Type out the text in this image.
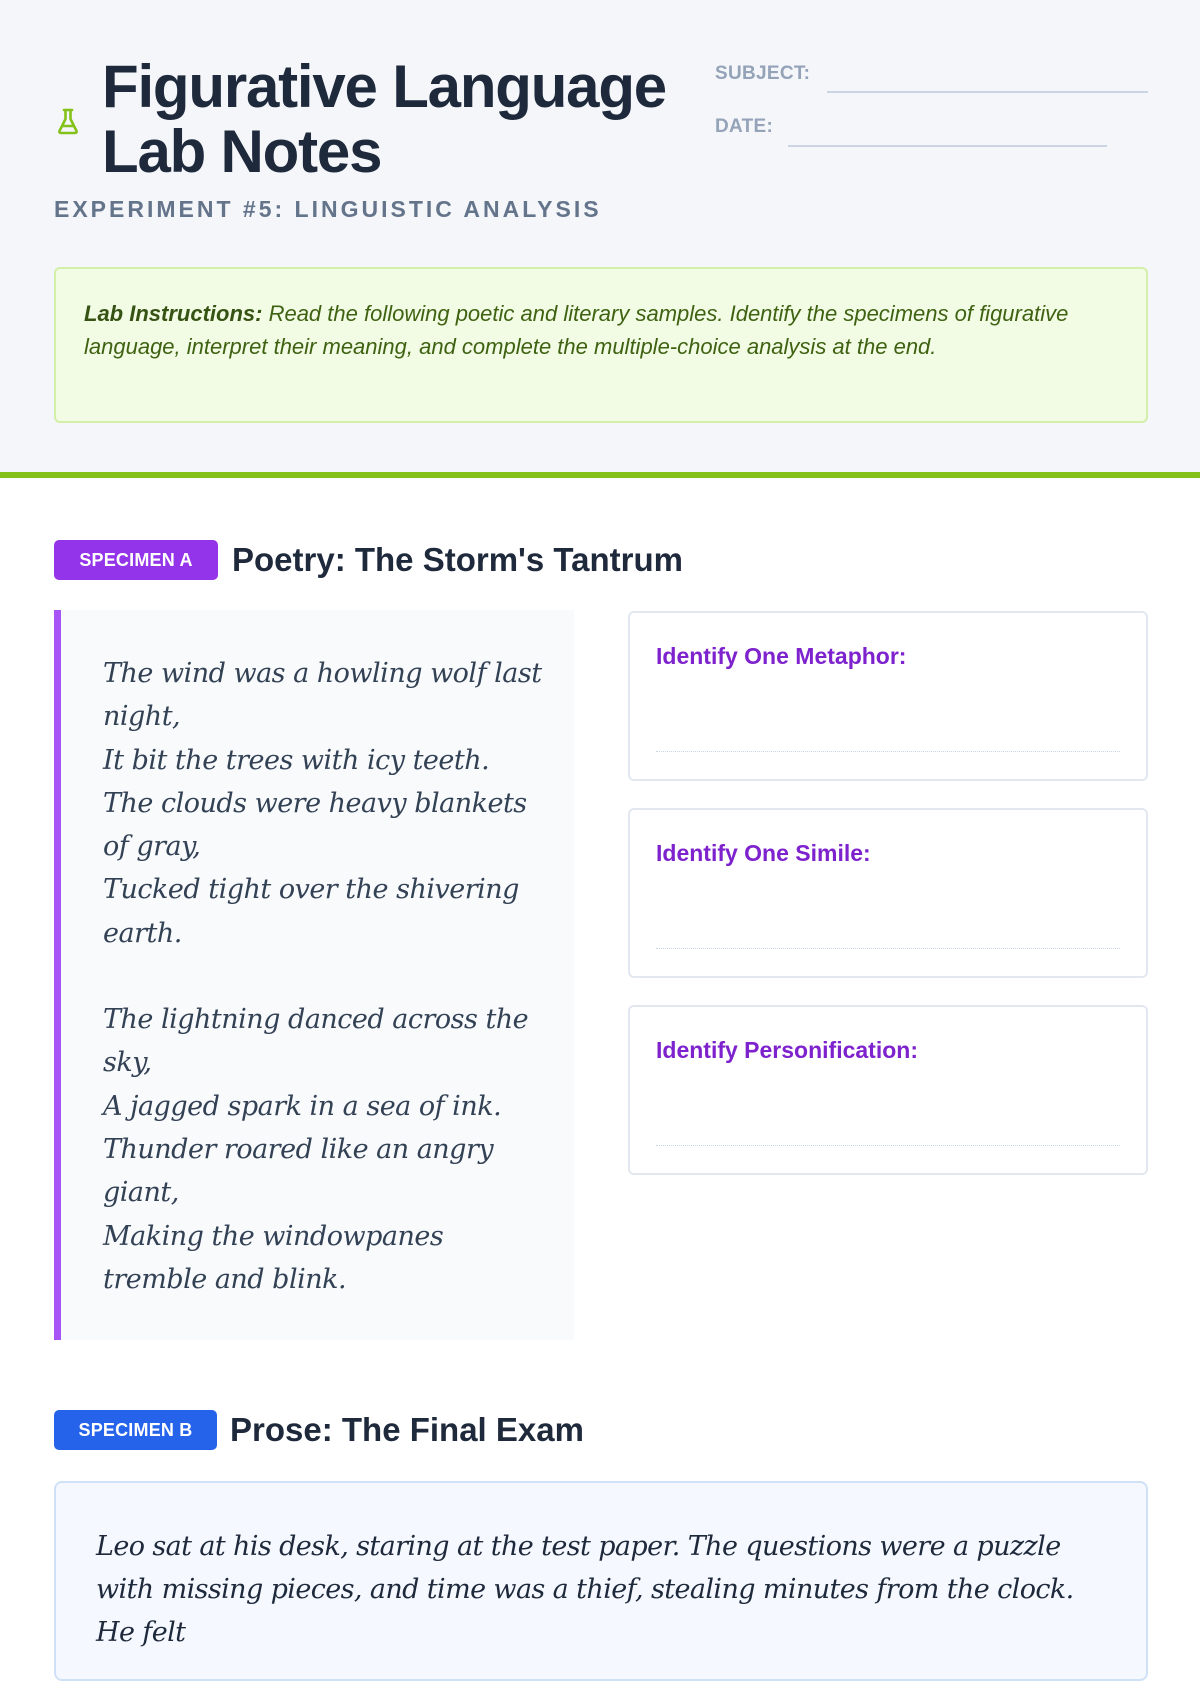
Figurative Language Lab Notes
EXPERIMENT #5: LINGUISTIC ANALYSIS
SUBJECT:
DATE:
Lab Instructions: Read the following poetic and literary samples. Identify the specimens of figurative language, interpret their meaning, and complete the multiple-choice analysis at the end.
SPECIMEN A	Poetry: The Storm's Tantrum
The wind was a howling wolf last night,
It bit the trees with icy teeth.
The clouds were heavy blankets of gray,
Tucked tight over the shivering earth.
The lightning danced across the sky,
A jagged spark in a sea of ink.
Thunder roared like an angry giant,
Making the windowpanes tremble and blink.
Identify One Metaphor:
Identify One Simile:
Identify Personification:
SPECIMEN B	Prose: The Final Exam
Leo sat at his desk, staring at the test paper. The questions were a puzzle with missing pieces, and time was a thief, stealing minutes from the clock. He felt
